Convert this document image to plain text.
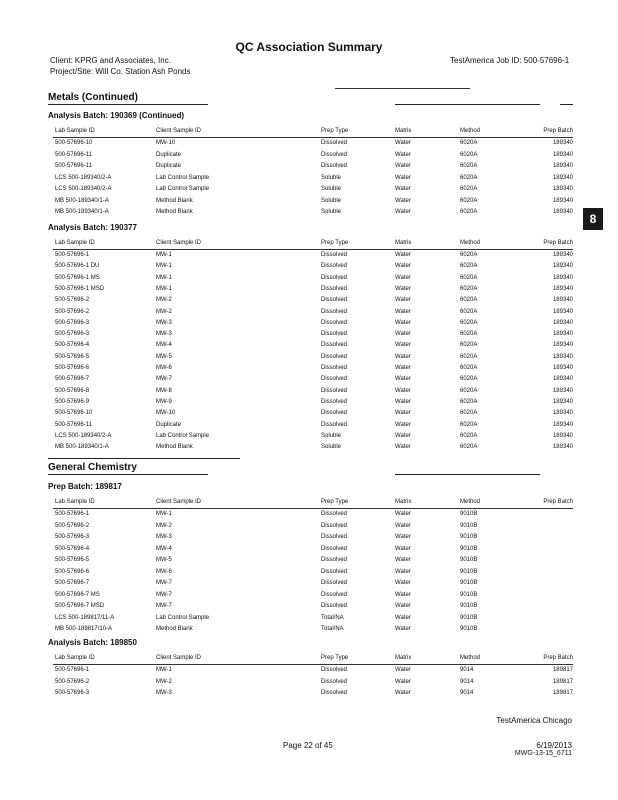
QC Association Summary
Client: KPRG and Associates, Inc.
Project/Site: Will Co. Station Ash Ponds
TestAmerica Job ID: 500-57696-1
8
Metals (Continued)
Analysis Batch: 190369 (Continued)
Lab Sample ID	Client Sample ID	Prep Type	Matrix	Method	Prep Batch
500-57696-10	MW-10	Dissolved	Water	6020A	189340
500-57696-11	Duplicate	Dissolved	Water	6020A	189340
500-57696-11	Duplicate	Dissolved	Water	6020A	189340
LCS 500-189340/2-A	Lab Control Sample	Soluble	Water	6020A	189340
LCS 500-189340/2-A	Lab Control Sample	Soluble	Water	6020A	189340
MB 500-189340/1-A	Method Blank	Soluble	Water	6020A	189340
MB 500-189340/1-A	Method Blank	Soluble	Water	6020A	189340
Analysis Batch: 190377
Lab Sample ID	Client Sample ID	Prep Type	Matrix	Method	Prep Batch
500-57696-1	MW-1	Dissolved	Water	6020A	189340
500-57696-1 DU	MW-1	Dissolved	Water	6020A	189340
500-57696-1 MS	MW-1	Dissolved	Water	6020A	189340
500-57696-1 MSD	MW-1	Dissolved	Water	6020A	189340
500-57696-2	MW-2	Dissolved	Water	6020A	189340
500-57696-2	MW-2	Dissolved	Water	6020A	189340
500-57696-3	MW-3	Dissolved	Water	6020A	189340
500-57696-3	MW-3	Dissolved	Water	6020A	189340
500-57696-4	MW-4	Dissolved	Water	6020A	189340
500-57696-5	MW-5	Dissolved	Water	6020A	189340
500-57696-6	MW-6	Dissolved	Water	6020A	189340
500-57696-7	MW-7	Dissolved	Water	6020A	189340
500-57696-8	MW-8	Dissolved	Water	6020A	189340
500-57696-9	MW-9	Dissolved	Water	6020A	189340
500-57696-10	MW-10	Dissolved	Water	6020A	189340
500-57696-11	Duplicate	Dissolved	Water	6020A	189340
LCS 500-189340/2-A	Lab Control Sample	Soluble	Water	6020A	189340
MB 500-189340/1-A	Method Blank	Soluble	Water	6020A	189340
General Chemistry
Prep Batch: 189817
Lab Sample ID	Client Sample ID	Prep Type	Matrix	Method	Prep Batch
500-57696-1	MW-1	Dissolved	Water	9010B
500-57696-2	MW-2	Dissolved	Water	9010B
500-57696-3	MW-3	Dissolved	Water	9010B
500-57696-4	MW-4	Dissolved	Water	9010B
500-57696-5	MW-5	Dissolved	Water	9010B
500-57696-6	MW-6	Dissolved	Water	9010B
500-57696-7	MW-7	Dissolved	Water	9010B
500-57696-7 MS	MW-7	Dissolved	Water	9010B
500-57696-7 MSD	MW-7	Dissolved	Water	9010B
LCS 500-189817/11-A	Lab Control Sample	Total/NA	Water	9010B
MB 500-189817/10-A	Method Blank	Total/NA	Water	9010B
Analysis Batch: 189850
Lab Sample ID	Client Sample ID	Prep Type	Matrix	Method	Prep Batch
500-57696-1	MW-1	Dissolved	Water	9014	189817
500-57696-2	MW-2	Dissolved	Water	9014	189817
500-57696-3	MW-3	Dissolved	Water	9014	189817
TestAmerica Chicago
Page 22 of 45	6/19/2013
MWG-13-15_6711
